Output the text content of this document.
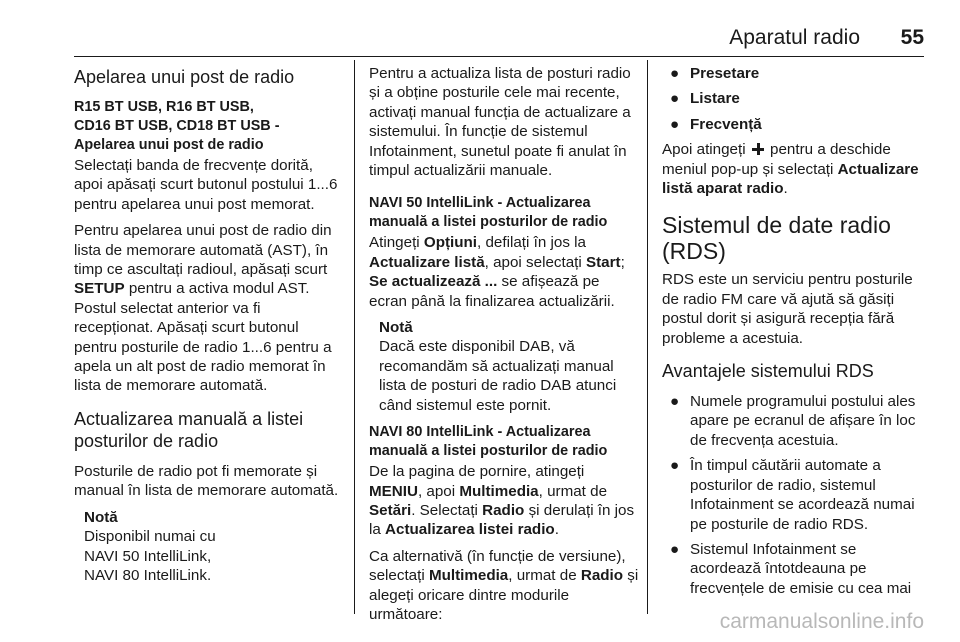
Aparatul radio 55
Apelarea unui post de radio
R15 BT USB, R16 BT USB,
CD16 BT USB, CD18 BT USB -
Apelarea unui post de radio

Selectați banda de frecvențe dorită, apoi apăsați scurt butonul postului 1...6 pentru apelarea unui post memorat.

Pentru apelarea unui post de radio din lista de memorare automată (AST), în timp ce ascultați radioul, apăsați scurt SETUP pentru a activa modul AST. Postul selectat anterior va fi recepționat. Apăsați scurt butonul pentru posturile de radio 1...6 pentru a apela un alt post de radio memorat în lista de memorare automată.

Actualizarea manuală a listei posturilor de radio

Posturile de radio pot fi memorate și manual în lista de memorare automată.

Notă
Disponibil numai cu
NAVI 50 IntelliLink,
NAVI 80 IntelliLink.

Pentru a actualiza lista de posturi radio și a obține posturile cele mai recente, activați manual funcția de actualizare a sistemului. În funcție de sistemul Infotainment, sunetul poate fi anulat în timpul actualizării manuale.

NAVI 50 IntelliLink - Actualizarea
manuală a listei posturilor de radio

Atingeți Opțiuni, defilați în jos la Actualizare listă, apoi selectați Start; Se actualizează ... se afișează pe ecran până la finalizarea actualizării.

Notă
Dacă este disponibil DAB, vă recomandăm să actualizați manual lista de posturi de radio DAB atunci când sistemul este pornit.
NAVI 80 IntelliLink - Actualizarea
manuală a listei posturilor de radio

De la pagina de pornire, atingeți MENIU, apoi Multimedia, urmat de Setări. Selectați Radio și derulați în jos la Actualizarea listei radio.

Ca alternativă (în funcție de versiune), selectați Multimedia, urmat de Radio și alegeți oricare dintre modurile următoare:

● Presetare
● Listare
● Frecvență

Apoi atingeți  pentru a deschide meniul pop-up și selectați Actualizare listă aparat radio.

Sistemul de date radio (RDS)

RDS este un serviciu pentru posturile de radio FM care vă ajută să găsiți postul dorit și asigură recepția fără probleme a acestuia.

Avantajele sistemului RDS
● Numele programului postului ales apare pe ecranul de afișare în loc de frecvența acestuia.
● În timpul căutării automate a posturilor de radio, sistemul Infotainment se acordează numai pe posturile de radio RDS.
● Sistemul Infotainment se acordează întotdeauna pe frecvențele de emisie cu cea mai
carmanualsonline.info
